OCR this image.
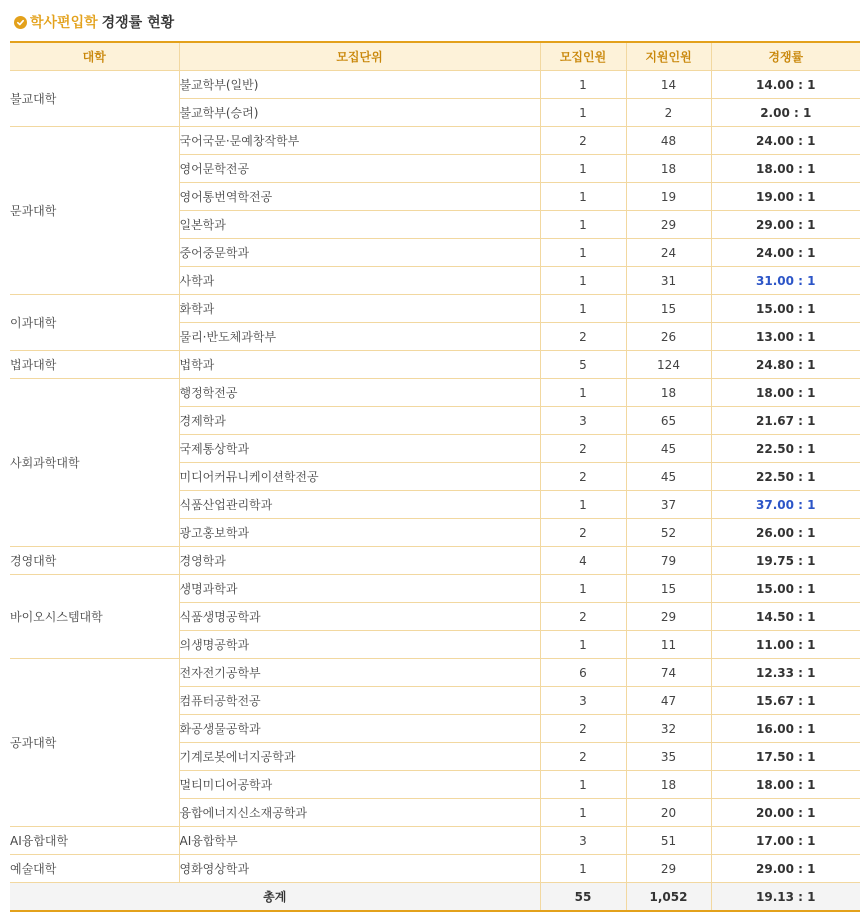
학사편입학 경쟁률 현황
대학	모집단위	모집인원	지원인원	경쟁률
불교대학	불교학부(일반)	1	14	14.00 : 1
	불교학부(승려)	1	2	2.00 : 1
문과대학	국어국문·문예창작학부	2	48	24.00 : 1
	영어문학전공	1	18	18.00 : 1
	영어통번역학전공	1	19	19.00 : 1
	일본학과	1	29	29.00 : 1
	중어중문학과	1	24	24.00 : 1
	사학과	1	31	31.00 : 1
이과대학	화학과	1	15	15.00 : 1
	물리·반도체과학부	2	26	13.00 : 1
법과대학	법학과	5	124	24.80 : 1
사회과학대학	행정학전공	1	18	18.00 : 1
	경제학과	3	65	21.67 : 1
	국제통상학과	2	45	22.50 : 1
	미디어커뮤니케이션학전공	2	45	22.50 : 1
	식품산업관리학과	1	37	37.00 : 1
	광고홍보학과	2	52	26.00 : 1
경영대학	경영학과	4	79	19.75 : 1
바이오시스템대학	생명과학과	1	15	15.00 : 1
	식품생명공학과	2	29	14.50 : 1
	의생명공학과	1	11	11.00 : 1
공과대학	전자전기공학부	6	74	12.33 : 1
	컴퓨터공학전공	3	47	15.67 : 1
	화공생물공학과	2	32	16.00 : 1
	기계로봇에너지공학과	2	35	17.50 : 1
	멀티미디어공학과	1	18	18.00 : 1
	융합에너지신소재공학과	1	20	20.00 : 1
AI융합대학	AI융합학부	3	51	17.00 : 1
예술대학	영화영상학과	1	29	29.00 : 1
총계		55	1,052	19.13 : 1
